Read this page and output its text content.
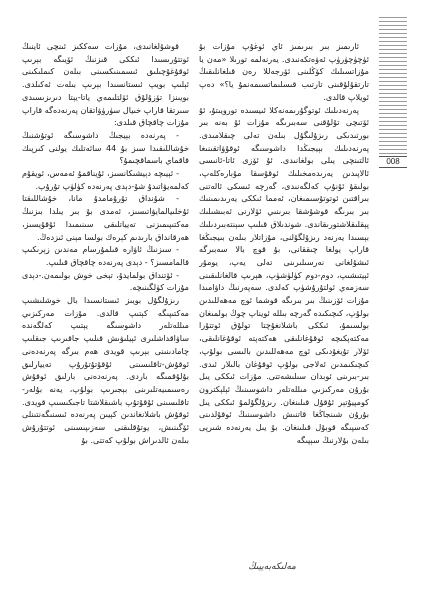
008

ئارىمىز بىر بىرىمىز ئاي ئوغۇپ مۇزات بۇ ئۈچۈچۈرۈپ ئەۋەتكەنىدى. يەرنەلمە تورىلا «مەن يا مۇزاتسىلىك كۆڭلىنى ئۆرجەللا رەن قىلغانلىقىڭ تارتقۇلۇقىنى تارتىب قىسلىماتسىمەنمۇ يا؟» دەپ ئويلاپ قالدى.

پەرنەدىلىك ئوتوگۇرىمەنەكلا ئىيسىدە تورويىتۇ، ئۇ ئۆتىچى تۇلۇقنى سەبىرىگە مۇزات ئۇ بەنە بىر بورتىدىكى رىزۇلىگۇل بىلەن تەلى چىقلامىدى. پەرنەدىلىك بېيجىڭدا داشوسىگە ئوقۇۋاتقىنىغا ئالتىنچى يىلى بولغانىدى. ئۇ ئۆزى ئاتا-ئانىسى ئالاپىدىن يەرىدەمخىلىك ئوقۇسقا مۇبارەكلەپ، بولىقۇ ئۇنۇپ كەلگەنىدى، گەرچە ئىسكى ئالەتنى بىراقتىن ئوتوتۇسىمىغان، ئەمما ئىككى يەرىدىمىنىك بىر بىرىگە قوشۇشقا بىرىنىي ئۆلارنى ئەبىشىلىك پېقلىقلاشتورىقاندى. شوندىلاق قىلىپ سېنتەبىردىلىك بېسىدا يەرنەد رىزۇلگۇلنى، مۇزاتلار بىلەن بىيجىڭغا قاراپ يولغا چىققانى، بۇ قوچ بالا سەبىرگە ئىشۇلغانى نەرسىلىرىنى تەلى يەپ، يومۇر ئېيتىشىپ، دوم-دوم كۈلۈشۈپ، ھېرىپ قالغانلىقىنى سەزمەي ئولتۇرۇشۈپ كەلدى. سەپەرنىڭ داۋامىدا مۇزات ئۆزىنىڭ بىر بىرىگە قوشما ئوچ مەھەللىدىن بولۇپ، كىچىكىدە گەرچە بىللە ئويناپ چوڭ بولمىغان بولسىمۇ، ئىككى باشلانغۇچتا تولۇق ئوتتۇرا مەكتەپكىچە ئوقۇغانلىقى ھەكتەپتە ئوقۇغانلىقى، ئۆلار تۇيغۇدىكى ئوچ مەھەللىدىن بالىسى بولۇپ، كىچىكىمدىن ئەلاجى بولۇپ ئوقۇغان بالىلار ئىدى. بىر-بىرىنى ئوبدان سىلىشەتتى. مۇزات ئىككى يىل بۇرۇن مەركىزىي مىللەتلەر داشوسىنىڭ ئېلېكترون كومپيۇتېر ئۇقۇل قىلىنغان. رىزۇلگۇلمۇ ئىككى يىل بۇرۇن شىنجاڭغا قاتنىش داشوسىنىڭ ئوقۇلدىنى كەسپىگە قوبۇل قىلىنغان. بۇ يىل يەرنەدە شىرپى بىلەن بۇلارنىڭ سېپىگە

قوشۇلغانىدى، مۇزات سەككىز ئىنچى ئاينىڭ ئوتتۇرىسىدا ئىككى قىزنىڭ ئۆيىگە بېرىپ ئوقۇغۇچىلىق ئىسمىنىكسىنى بىلەن كىملىكىنى ئېلىپ بويپ ئىستانسىدا بېرىپ بىلەت ئەكىلدى. بويىنزا تۆزۇلۇق ئۆلتلىمەي ياتا-يېتا دىرىزىسىدى سىرتقا قاراپ خىيال سۈرۈۋاتقان پەرنەدەگە قاراپ مۇزات چاقچاق قىلدى:

- پەرنەدە بېيجىڭ داشوسىگە ئوتۇشنىڭ خۇشاللىقىدا سىز بۇ 44 سائەتلىك يولنى كىرپىك قاقماي باسماقچىمۇ؟

- ئېيىچە دېيشىكانسىز، ئۇيناقمۇ ئەمەس، ئويقۇم كەلمەيۋاتىدۇ شۇ-دېدى پەرنەدە كۈلۈپ تۇرۇپ.

- شۇنداق تۇرۇمامدۇ مانا، خۇشاللىقتا ئۇخلىيالمايۋاتىسىز، ئەمدى بۇ بىر يىلدا بىزنىڭ مەكتىپىمىزنى تەيياتلىقى سىنىمىدا ئۇقۇيسىز، ھەرقانداق بارىدىم كېرەك بولسا مېنى ئىزدەڭ.

- سىزنىڭ ئاۋارە قىلمۇرسام مەندىن زېرىكىپ قالمامسىز؟ - دېدى پەرنەدە چاقچاق قىلىپ.

- ئۆتنداق بولمايدۇ، تېخى خوش بولىمەن.-دېدى مۇزات كۈلگىنىچە.

رىزۇلگۇل بويىز ئىستانسىدا بال خوشلىشىپ مەكتىپىگە كېتىپ قالدى. مۇزات مەركىزىي مىللەتلەر داشوسىگە يېتىپ كەلگەندە ساۋاقداشلىرى ئېيلىۋىش قىلىپ جاقىرىپ جىقلىپ چامادىنىنى بېرىپ قويدى ھەم بىرگە پەرنەدەنى ئوقۇش-تاقلىسىنى ئۇقۇتۇتۇرۇپ تەييارلىق بۇلۇقمىگە باردى. پەرنەدەنى بارلىق ئوقۇش رەسىمىيەتلىرىنى بېجىرىپ بولۇپ، يەنە بۇلەر-تاقلىسىنى ئۇقۇتۇپ باشىقلاشتا تاجىكىسىپ قويدى. ئوقۇش باشلانغاندىن كېيىن پەرنەدە ئىسنىگەنتىنلى ئۆگىنىش، يوتۇقلىقنى سەزىپىسىنى ئوتتۇرۇش بىلەن ئالدىراش بولۇپ كەتتى. بۇ

مەلىكەبەييىڭ
